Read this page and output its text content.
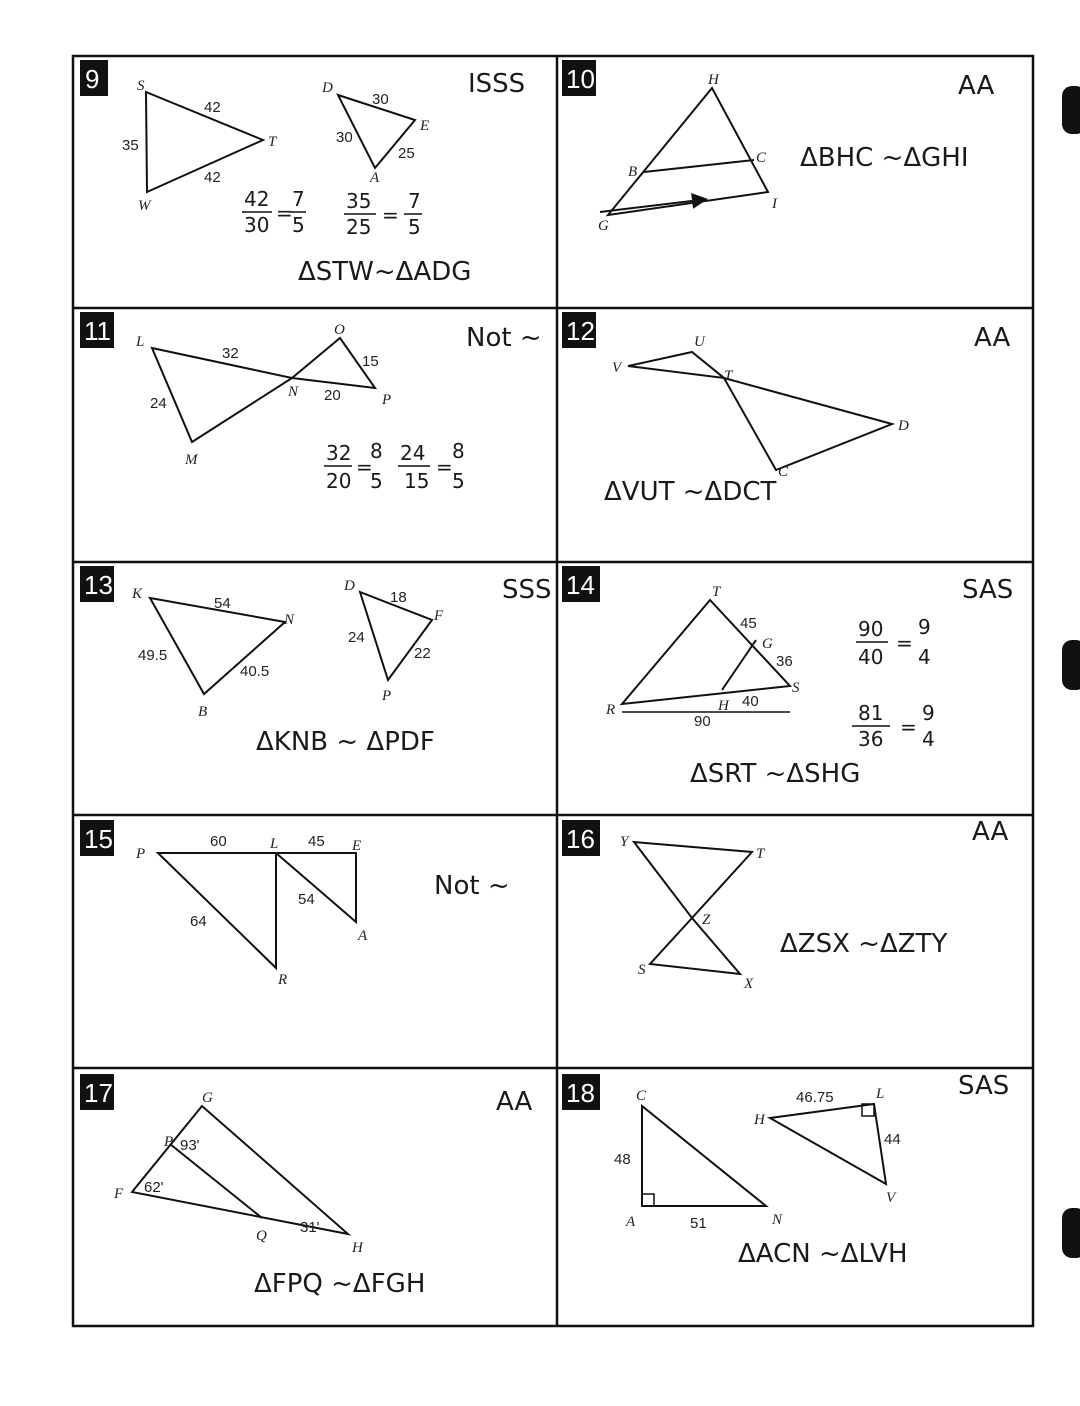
9	S
T
W
42
42
35
D
E
A
30
30
25
42
30 =
7
5
35
25 =
7
5
ΔSTW~ΔADG
ISSS 10	H
B
C
G
I
ΔBHC ~ΔGHI
AA
11 L
M
N
O
P
32
24	20
15
32
20
=
8
5
24
15
=
8
5
Not ~ 12
V
U
T
D
C
ΔVUT ~ΔDCT
AA
13 K
N
B
D
F
P
54
49.5
40.5
18
24
22
ΔKNB ~ ΔPDF
SSS 14	T
G
S
H
R
45
36
40
90
90
40
=
9
4
81
36 =
9
4
ΔSRT ~ΔSHG
SAS
15 P
L	E
A
R
60	45
54
64
Not ~
16 Y
T
Z
S
X
ΔZSX ~ΔZTY
AA
17	G
P
F
Q
H
93'
62'
31'
ΔFPQ ~ΔFGH
AA 18	C
A	N
H
L
V
48
51
46.75
44
ΔACN ~ΔLVH
SAS
